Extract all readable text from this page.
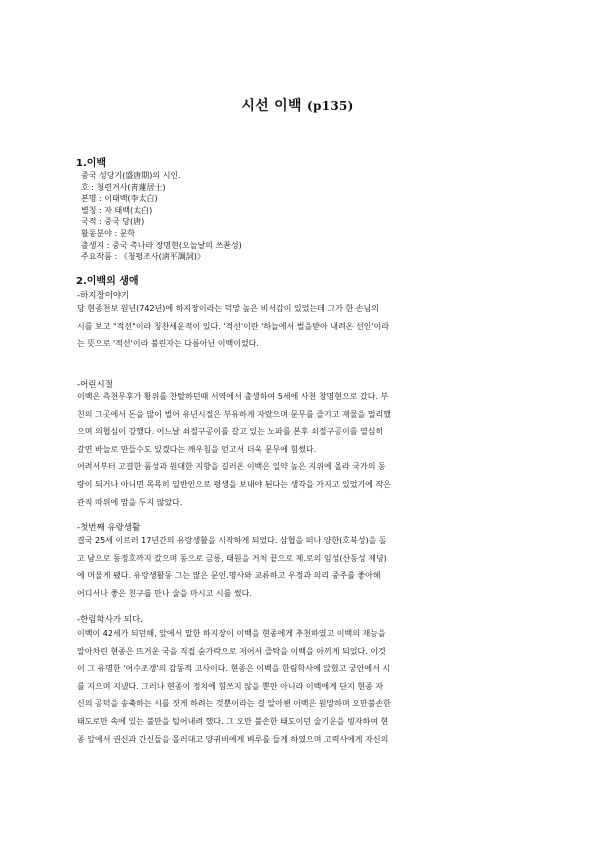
시선 이백 (p135)
1.이백
중국 성당기(盛唐期)의 시인.
호 : 청련거사(靑蓮居士)
본명 : 이태백(李太白)
별칭 : 자 태백(太白)
국적 : 중국 당(唐)
활동분야 : 문학
출생지 : 중국 촉나라 장명현(오늘날의 쓰촨성)
주요작품 : 《청평조사(淸平調詞)》
2.이백의 생애
-하지장이야기
당 현종천보 원년(742년)에 하지장이라는 덕망 높은 비서감이 있었는데 그가 한 손님의
시를 보고 "적선"이라 칭찬세운적이 있다. '적선'이란 '하늘에서 벌을받아 내려온 선인'이라
는 뜻으로 '적선'이라 불린자는 다름아닌 이백이었다.
-어린시절
이백은 측천무후가 황위를 찬탈하던때 서역에서 출생하여 5세에 사천 창명현으로 갔다. 부
친의 그곳에서 돈을 많이 벌어 유년시절은 부유하게 자랐으며 문무를 즐기고 재물을 멀리했
으며 의협심이 강했다. 어느날 쇠절구공이를 갈고 있는 노파를 본후 쇠절구공이를 열심히
갈면 바늘로 만들수도 있겠다는 깨우침을 얻고서 더욱 문무에 힘썼다.
어려서부터 고결한 품성과 원대한 지향을 길러온 이백은 일약 높은 지위에 올라 국가의 동
량이 되거나 아니면 목목히 일반인으로 평생을 보내야 된다는 생각을 가지고 있었기에 작은
관직 따위에 맘을 두지 않았다.
-첫번째 유랑생활
결국 25세 이르러 17년간의 유랑생활을 시작하게 되었다. 삼협을 떠나 양한(호북성)을 돌
고 남으로 동정호까지 갔으며 동으로 금릉, 태원을 거처 끝으로 제.로의 임성(산동성 제녕)
에 머물게 됐다. 유랑생활동 그는 많은 문인.명사와 교류하고 우정과 의리 중주를 좋아해
어디서나 좋은 친구를 만나 술을 마시고 시를 썼다.
-한림학사가 되다.
이백이 42세가 되던해, 앞에서 말한 하지장이 이백을 현종에게 추천하였고 이백의 재능을
알아차린 현종은 뜨거운 국을 직접 숟가락으로 저어서 즐탁을 이백을 아끼게 되었다. 이것
이 그 유명한 '어수조갱'의 감동적 고사이다. 현종은 이백을 한림학사에 앉혔고 궁안에서 시
를 지으며 지냈다. 그러나 현종이 정치에 힘쓰지 않을 뿐만 아니라 이백에게 단지 현종 자
신의 공덕을 송축하는 시를 짓게 하려는 것뿐이라는 걸 알아챈 이백은 원망하며 오만불손한
태도로만 속에 있는 불만을 털어내려 했다. 그 오만 불손한 태도이던 술기운을 빙자하여 현
종 앞에서 권신과 간신들을 몰러대고 양귀비에게 벼루를 들게 하였으며 고력사에게 자신의
